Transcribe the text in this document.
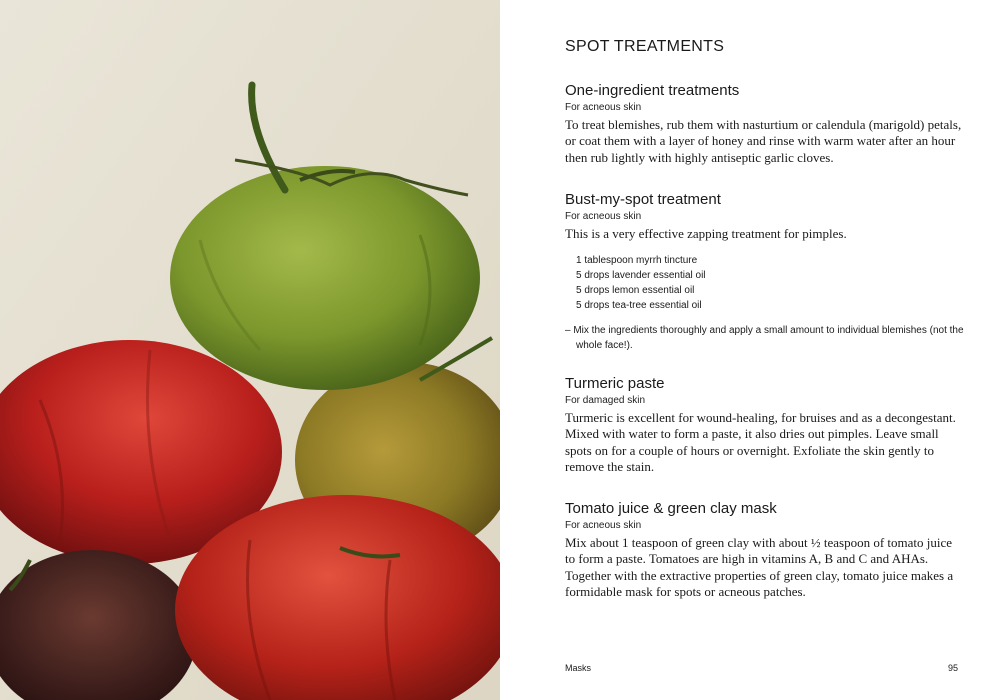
SPOT TREATMENTS

One-ingredient treatments

For acneous skin

To treat blemishes, rub them with nasturtium or calendula (marigold) petals, or coat them with a layer of honey and rinse with warm water after an hour then rub lightly with highly antiseptic garlic cloves.

Bust-my-spot treatment

For acneous skin

This is a very effective zapping treatment for pimples.

1 tablespoon myrrh tincture
5 drops lavender essential oil
5 drops lemon essential oil
5 drops tea-tree essential oil

– Mix the ingredients thoroughly and apply a small amount to individual blemishes (not the whole face!).

Turmeric paste

For damaged skin

Turmeric is excellent for wound-healing, for bruises and as a decongestant. Mixed with water to form a paste, it also dries out pimples. Leave small spots on for a couple of hours or overnight. Exfoliate the skin gently to remove the stain.

Tomato juice & green clay mask

For acneous skin

Mix about 1 teaspoon of green clay with about ½ teaspoon of tomato juice to form a paste. Tomatoes are high in vitamins A, B and C and AHAs. Together with the extractive properties of green clay, tomato juice makes a formidable mask for spots or acneous patches.

Masks	95
